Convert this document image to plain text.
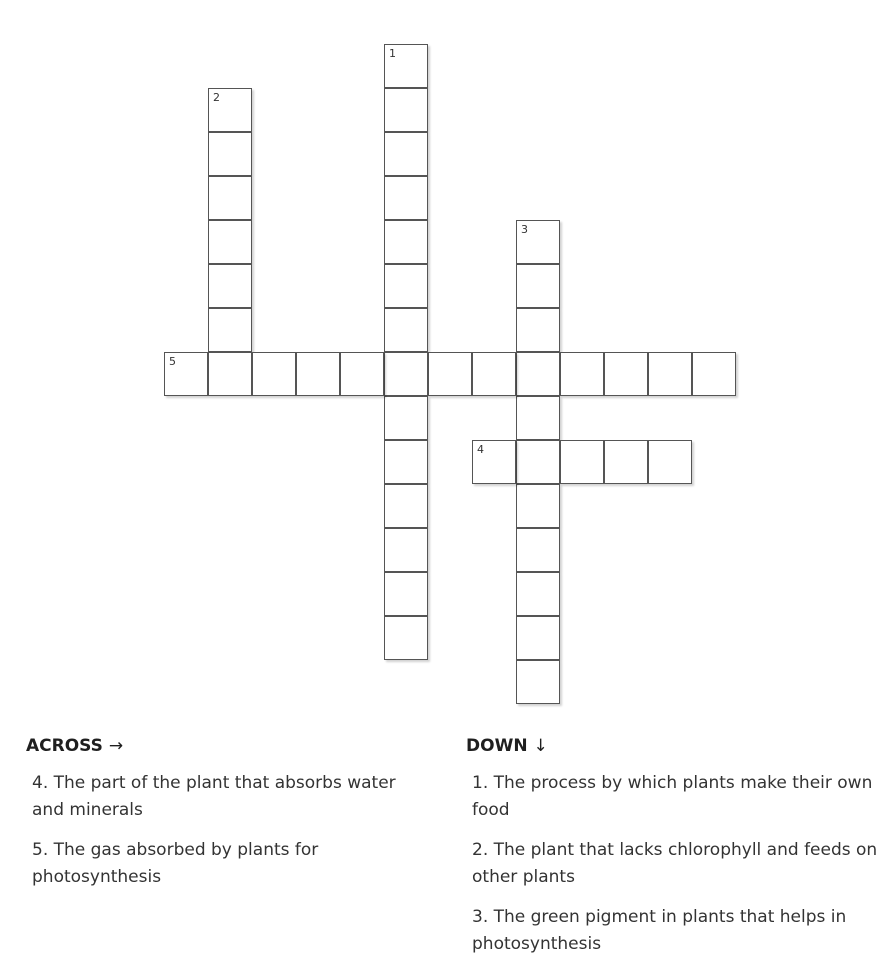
1
2
3
4
5
ACROSS →
4. The part of the plant that absorbs water and minerals
5. The gas absorbed by plants for photosynthesis
DOWN ↓
1. The process by which plants make their own food
2. The plant that lacks chlorophyll and feeds on other plants
3. The green pigment in plants that helps in photosynthesis
